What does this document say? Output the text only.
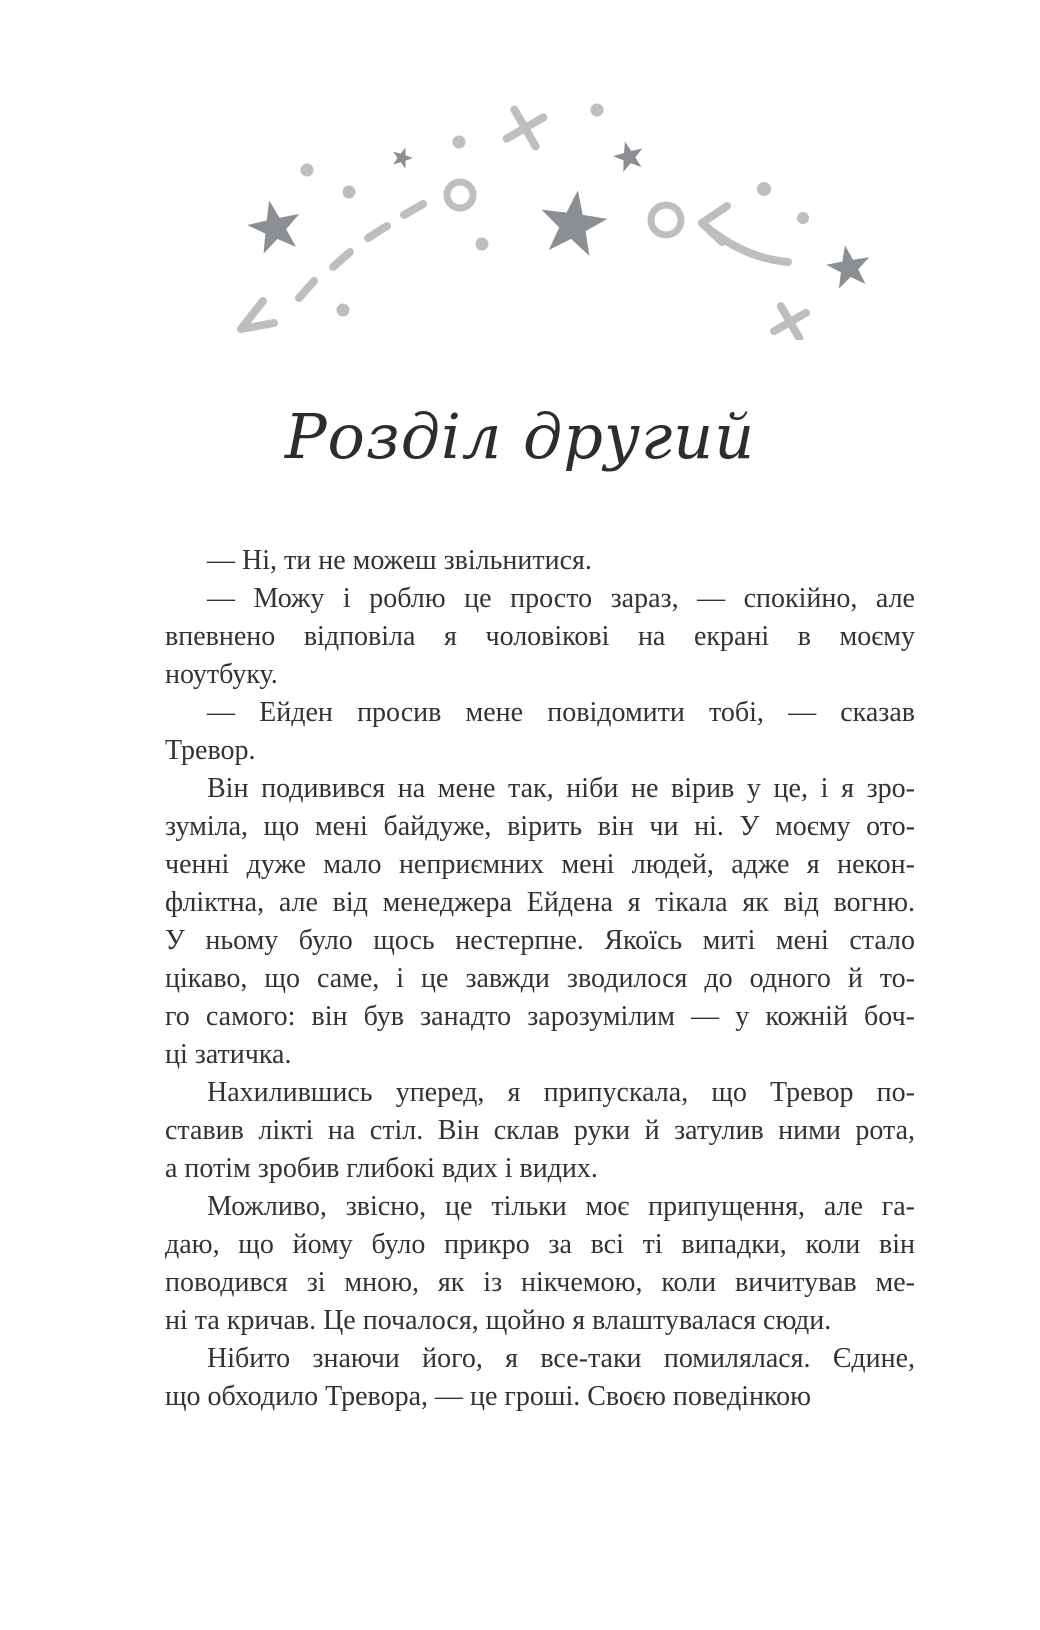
Розділ другий
— Ні, ти не можеш звільнитися.
— Можу і роблю це просто зараз, — спокійно, але
впевнено відповіла я чоловікові на екрані в моєму
ноутбуку.
— Ейден просив мене повідомити тобі, — сказав
Тревор.
Він подивився на мене так, ніби не вірив у це, і я зро-
зуміла, що мені байдуже, вірить він чи ні. У моєму ото-
ченні дуже мало неприємних мені людей, адже я некон-
фліктна, але від менеджера Ейдена я тікала як від вогню.
У ньому було щось нестерпне. Якоїсь миті мені стало
цікаво, що саме, і це завжди зводилося до одного й то-
го самого: він був занадто зарозумілим — у кожній боч-
ці затичка.
Нахилившись уперед, я припускала, що Тревор по-
ставив лікті на стіл. Він склав руки й затулив ними рота,
а потім зробив глибокі вдих і видих.
Можливо, звісно, це тільки моє припущення, але га-
даю, що йому було прикро за всі ті випадки, коли він
поводився зі мною, як із нікчемою, коли вичитував ме-
ні та кричав. Це почалося, щойно я влаштувалася сюди.
Нібито знаючи його, я все-таки помилялася. Єдине,
що обходило Тревора, — це гроші. Своєю поведінкою
